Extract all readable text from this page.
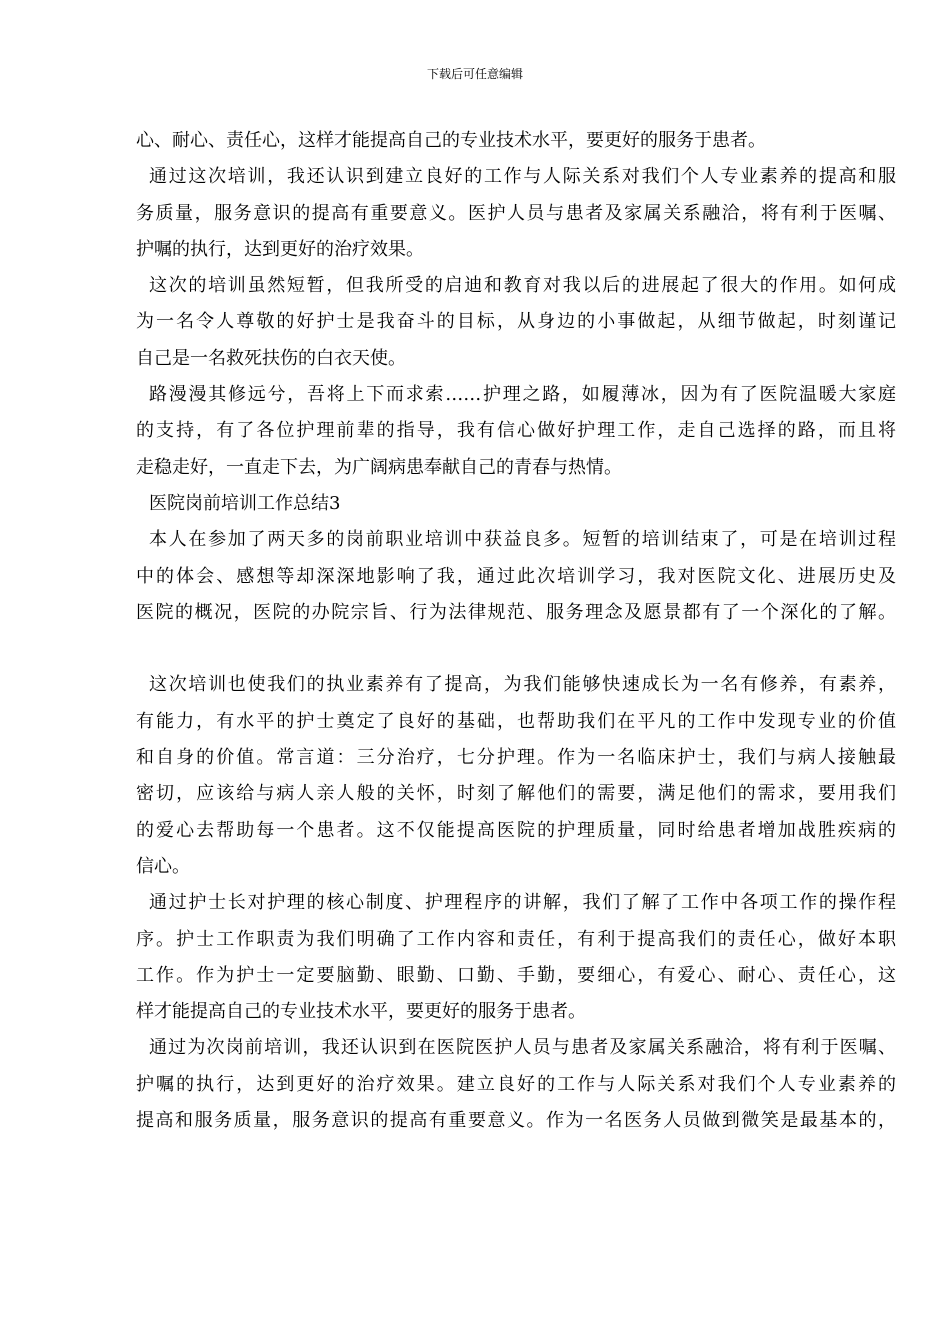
下载后可任意编辑
心、耐心、责任心，这样才能提高自己的专业技术水平，要更好的服务于患者。
通过这次培训，我还认识到建立良好的工作与人际关系对我们个人专业素养的提高和服
务质量，服务意识的提高有重要意义。医护人员与患者及家属关系融洽，将有利于医嘱、
护嘱的执行，达到更好的治疗效果。
这次的培训虽然短暂，但我所受的启迪和教育对我以后的进展起了很大的作用。如何成
为一名令人尊敬的好护士是我奋斗的目标，从身边的小事做起，从细节做起，时刻谨记
自己是一名救死扶伤的白衣天使。
路漫漫其修远兮，吾将上下而求索……护理之路，如履薄冰，因为有了医院温暖大家庭
的支持，有了各位护理前辈的指导，我有信心做好护理工作，走自己选择的路，而且将
走稳走好，一直走下去，为广阔病患奉献自己的青春与热情。
医院岗前培训工作总结3
本人在参加了两天多的岗前职业培训中获益良多。短暂的培训结束了，可是在培训过程
中的体会、感想等却深深地影响了我，通过此次培训学习，我对医院文化、进展历史及
医院的概况，医院的办院宗旨、行为法律规范、服务理念及愿景都有了一个深化的了解。
这次培训也使我们的执业素养有了提高，为我们能够快速成长为一名有修养，有素养，
有能力，有水平的护士奠定了良好的基础，也帮助我们在平凡的工作中发现专业的价值
和自身的价值。常言道：三分治疗，七分护理。作为一名临床护士，我们与病人接触最
密切，应该给与病人亲人般的关怀，时刻了解他们的需要，满足他们的需求，要用我们
的爱心去帮助每一个患者。这不仅能提高医院的护理质量，同时给患者增加战胜疾病的
信心。
通过护士长对护理的核心制度、护理程序的讲解，我们了解了工作中各项工作的操作程
序。护士工作职责为我们明确了工作内容和责任，有利于提高我们的责任心，做好本职
工作。作为护士一定要脑勤、眼勤、口勤、手勤，要细心，有爱心、耐心、责任心，这
样才能提高自己的专业技术水平，要更好的服务于患者。
通过为次岗前培训，我还认识到在医院医护人员与患者及家属关系融洽，将有利于医嘱、
护嘱的执行，达到更好的治疗效果。建立良好的工作与人际关系对我们个人专业素养的
提高和服务质量，服务意识的提高有重要意义。作为一名医务人员做到微笑是最基本的，
